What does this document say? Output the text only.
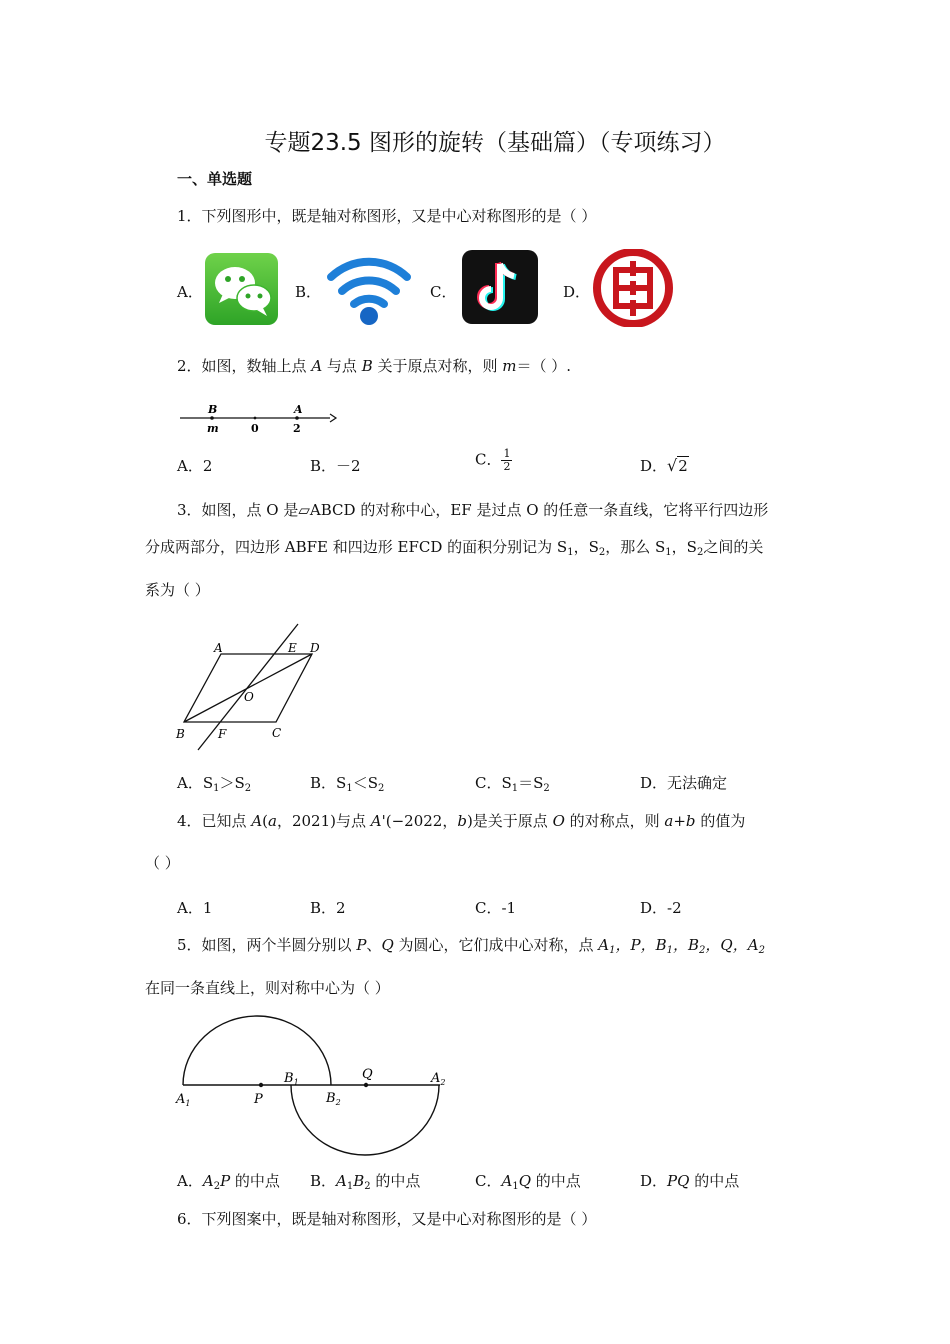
专题23.5 图形的旋转（基础篇）（专项练习）
一、单选题
1．下列图形中，既是轴对称图形，又是中心对称图形的是（ ）
A．	B．	C．	D．
2．如图，数轴上点 A 与点 B 关于原点对称，则 m＝（ ）.
B	A
m	0	2
A．2	B．－2	C． $\frac{1}{2}$	D．√2
3．如图，点 O 是▱ABCD 的对称中心，EF 是过点 O 的任意一条直线，它将平行四边形
分成两部分，四边形 ABFE 和四边形 EFCD 的面积分别记为 $S_1$，$S_2$，那么 $S_1$，$S_2$之间的关
系为（ ）
A	E D
O
B	F	C
A．$S_1>S_2$	B．$S_1<S_2$	C．$S_1=S_2$	D．无法确定
4．已知点 A(a，2021)与点 A'(−2022，b)是关于原点 O 的对称点，则 a+b 的值为
（ ）
A．1	B．2	C．-1	D．-2
5．如图，两个半圆分别以 P、Q 为圆心，它们成中心对称，点 $A_1$，P，$B_1$，$B_2$，Q，$A_2$
在同一条直线上，则对称中心为（ ）
$A_1$	P
$B_1$
$B_2$
Q	$A_2$
A．$A_2P$ 的中点 B．$A_1B_2$ 的中点	C．$A_1Q$ 的中点	D．PQ 的中点
6．下列图案中，既是轴对称图形，又是中心对称图形的是（ ）
